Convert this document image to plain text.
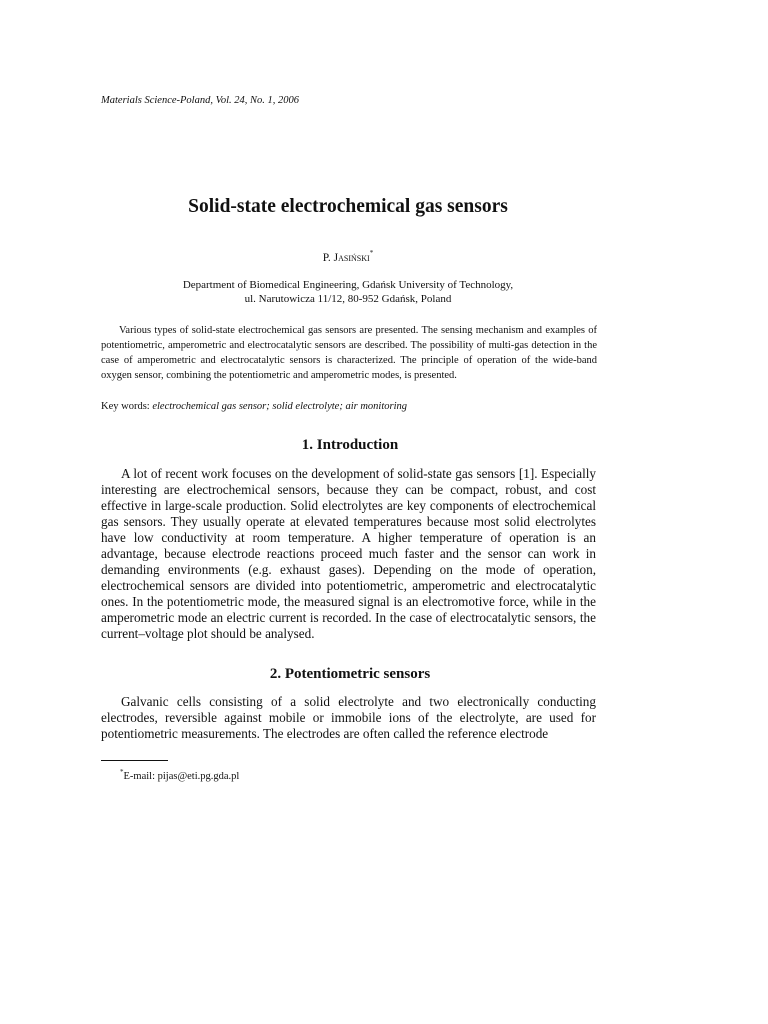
Materials Science-Poland, Vol. 24, No. 1, 2006
Solid-state electrochemical gas sensors
P. Jasiński*
Department of Biomedical Engineering, Gdańsk University of Technology,
ul. Narutowicza 11/12, 80-952 Gdańsk, Poland
Various types of solid-state electrochemical gas sensors are presented. The sensing mechanism and examples of potentiometric, amperometric and electrocatalytic sensors are described. The possibility of multi-gas detection in the case of amperometric and electrocatalytic sensors is characterized. The principle of operation of the wide-band oxygen sensor, combining the potentiometric and amperometric modes, is presented.
Key words: electrochemical gas sensor; solid electrolyte; air monitoring
1. Introduction
A lot of recent work focuses on the development of solid-state gas sensors [1]. Especially interesting are electrochemical sensors, because they can be compact, robust, and cost effective in large-scale production. Solid electrolytes are key components of electrochemical gas sensors. They usually operate at elevated temperatures because most solid electrolytes have low conductivity at room temperature. A higher temperature of operation is an advantage, because electrode reactions proceed much faster and the sensor can work in demanding environments (e.g. exhaust gases). Depending on the mode of operation, electrochemical sensors are divided into potentiometric, amperometric and electrocatalytic ones. In the potentiometric mode, the measured signal is an electromotive force, while in the amperometric mode an electric current is recorded. In the case of electrocatalytic sensors, the current–voltage plot should be analysed.
2. Potentiometric sensors
Galvanic cells consisting of a solid electrolyte and two electronically conducting electrodes, reversible against mobile or immobile ions of the electrolyte, are used for potentiometric measurements. The electrodes are often called the reference electrode
*E-mail: pijas@eti.pg.gda.pl
